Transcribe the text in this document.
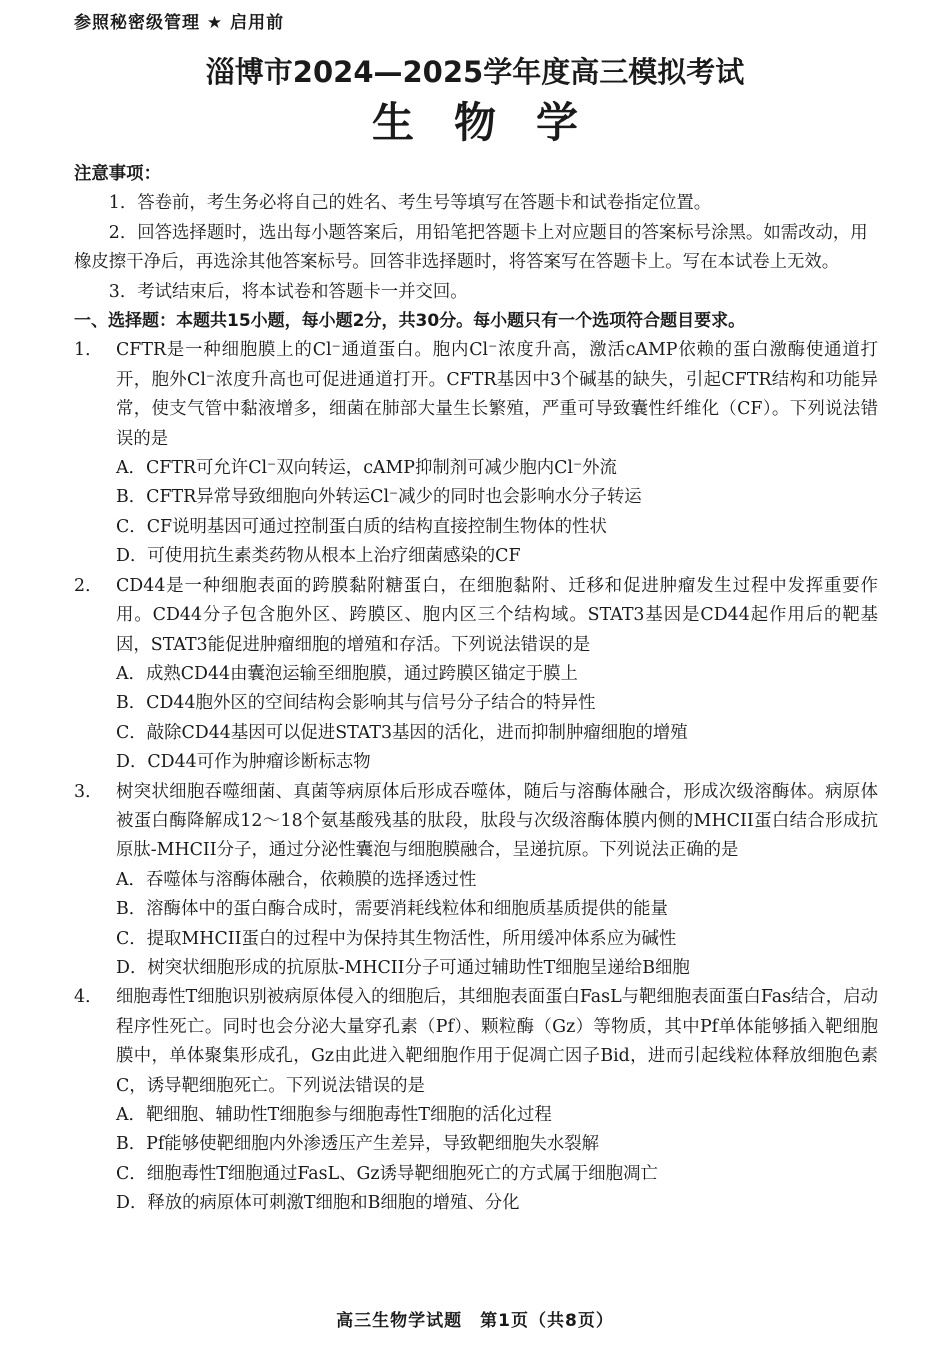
参照秘密级管理 ★ 启用前
淄博市2024—2025学年度高三模拟考试
生物学

注意事项：

1．答卷前，考生务必将自己的姓名、考生号等填写在答题卡和试卷指定位置。

2．回答选择题时，选出每小题答案后，用铅笔把答题卡上对应题目的答案标号涂黑。如需改动，用橡皮擦干净后，再选涂其他答案标号。回答非选择题时，将答案写在答题卡上。写在本试卷上无效。

3．考试结束后，将本试卷和答题卡一并交回。

一、选择题：本题共15小题，每小题2分，共30分。每小题只有一个选项符合题目要求。

1． CFTR是一种细胞膜上的Cl⁻通道蛋白。胞内Cl⁻浓度升高，激活cAMP依赖的蛋白激酶使通道打开，胞外Cl⁻浓度升高也可促进通道打开。CFTR基因中3个碱基的缺失，引起CFTR结构和功能异常，使支气管中黏液增多，细菌在肺部大量生长繁殖，严重可导致囊性纤维化（CF）。下列说法错误的是

A．CFTR可允许Cl⁻双向转运，cAMP抑制剂可减少胞内Cl⁻外流

B．CFTR异常导致细胞向外转运Cl⁻减少的同时也会影响水分子转运

C．CF说明基因可通过控制蛋白质的结构直接控制生物体的性状

D．可使用抗生素类药物从根本上治疗细菌感染的CF

2． CD44是一种细胞表面的跨膜黏附糖蛋白，在细胞黏附、迁移和促进肿瘤发生过程中发挥重要作用。CD44分子包含胞外区、跨膜区、胞内区三个结构域。STAT3基因是CD44起作用后的靶基因，STAT3能促进肿瘤细胞的增殖和存活。下列说法错误的是

A．成熟CD44由囊泡运输至细胞膜，通过跨膜区锚定于膜上

B．CD44胞外区的空间结构会影响其与信号分子结合的特异性

C．敲除CD44基因可以促进STAT3基因的活化，进而抑制肿瘤细胞的增殖

D．CD44可作为肿瘤诊断标志物

3． 树突状细胞吞噬细菌、真菌等病原体后形成吞噬体，随后与溶酶体融合，形成次级溶酶体。病原体被蛋白酶降解成12～18个氨基酸残基的肽段，肽段与次级溶酶体膜内侧的MHCII蛋白结合形成抗原肽-MHCII分子，通过分泌性囊泡与细胞膜融合，呈递抗原。下列说法正确的是

A．吞噬体与溶酶体融合，依赖膜的选择透过性

B．溶酶体中的蛋白酶合成时，需要消耗线粒体和细胞质基质提供的能量

C．提取MHCII蛋白的过程中为保持其生物活性，所用缓冲体系应为碱性

D．树突状细胞形成的抗原肽-MHCII分子可通过辅助性T细胞呈递给B细胞

4． 细胞毒性T细胞识别被病原体侵入的细胞后，其细胞表面蛋白FasL与靶细胞表面蛋白Fas结合，启动程序性死亡。同时也会分泌大量穿孔素（Pf）、颗粒酶（Gz）等物质，其中Pf单体能够插入靶细胞膜中，单体聚集形成孔，Gz由此进入靶细胞作用于促凋亡因子Bid，进而引起线粒体释放细胞色素C，诱导靶细胞死亡。下列说法错误的是

A．靶细胞、辅助性T细胞参与细胞毒性T细胞的活化过程

B．Pf能够使靶细胞内外渗透压产生差异，导致靶细胞失水裂解

C．细胞毒性T细胞通过FasL、Gz诱导靶细胞死亡的方式属于细胞凋亡

D．释放的病原体可刺激T细胞和B细胞的增殖、分化

高三生物学试题　第1页（共8页）
